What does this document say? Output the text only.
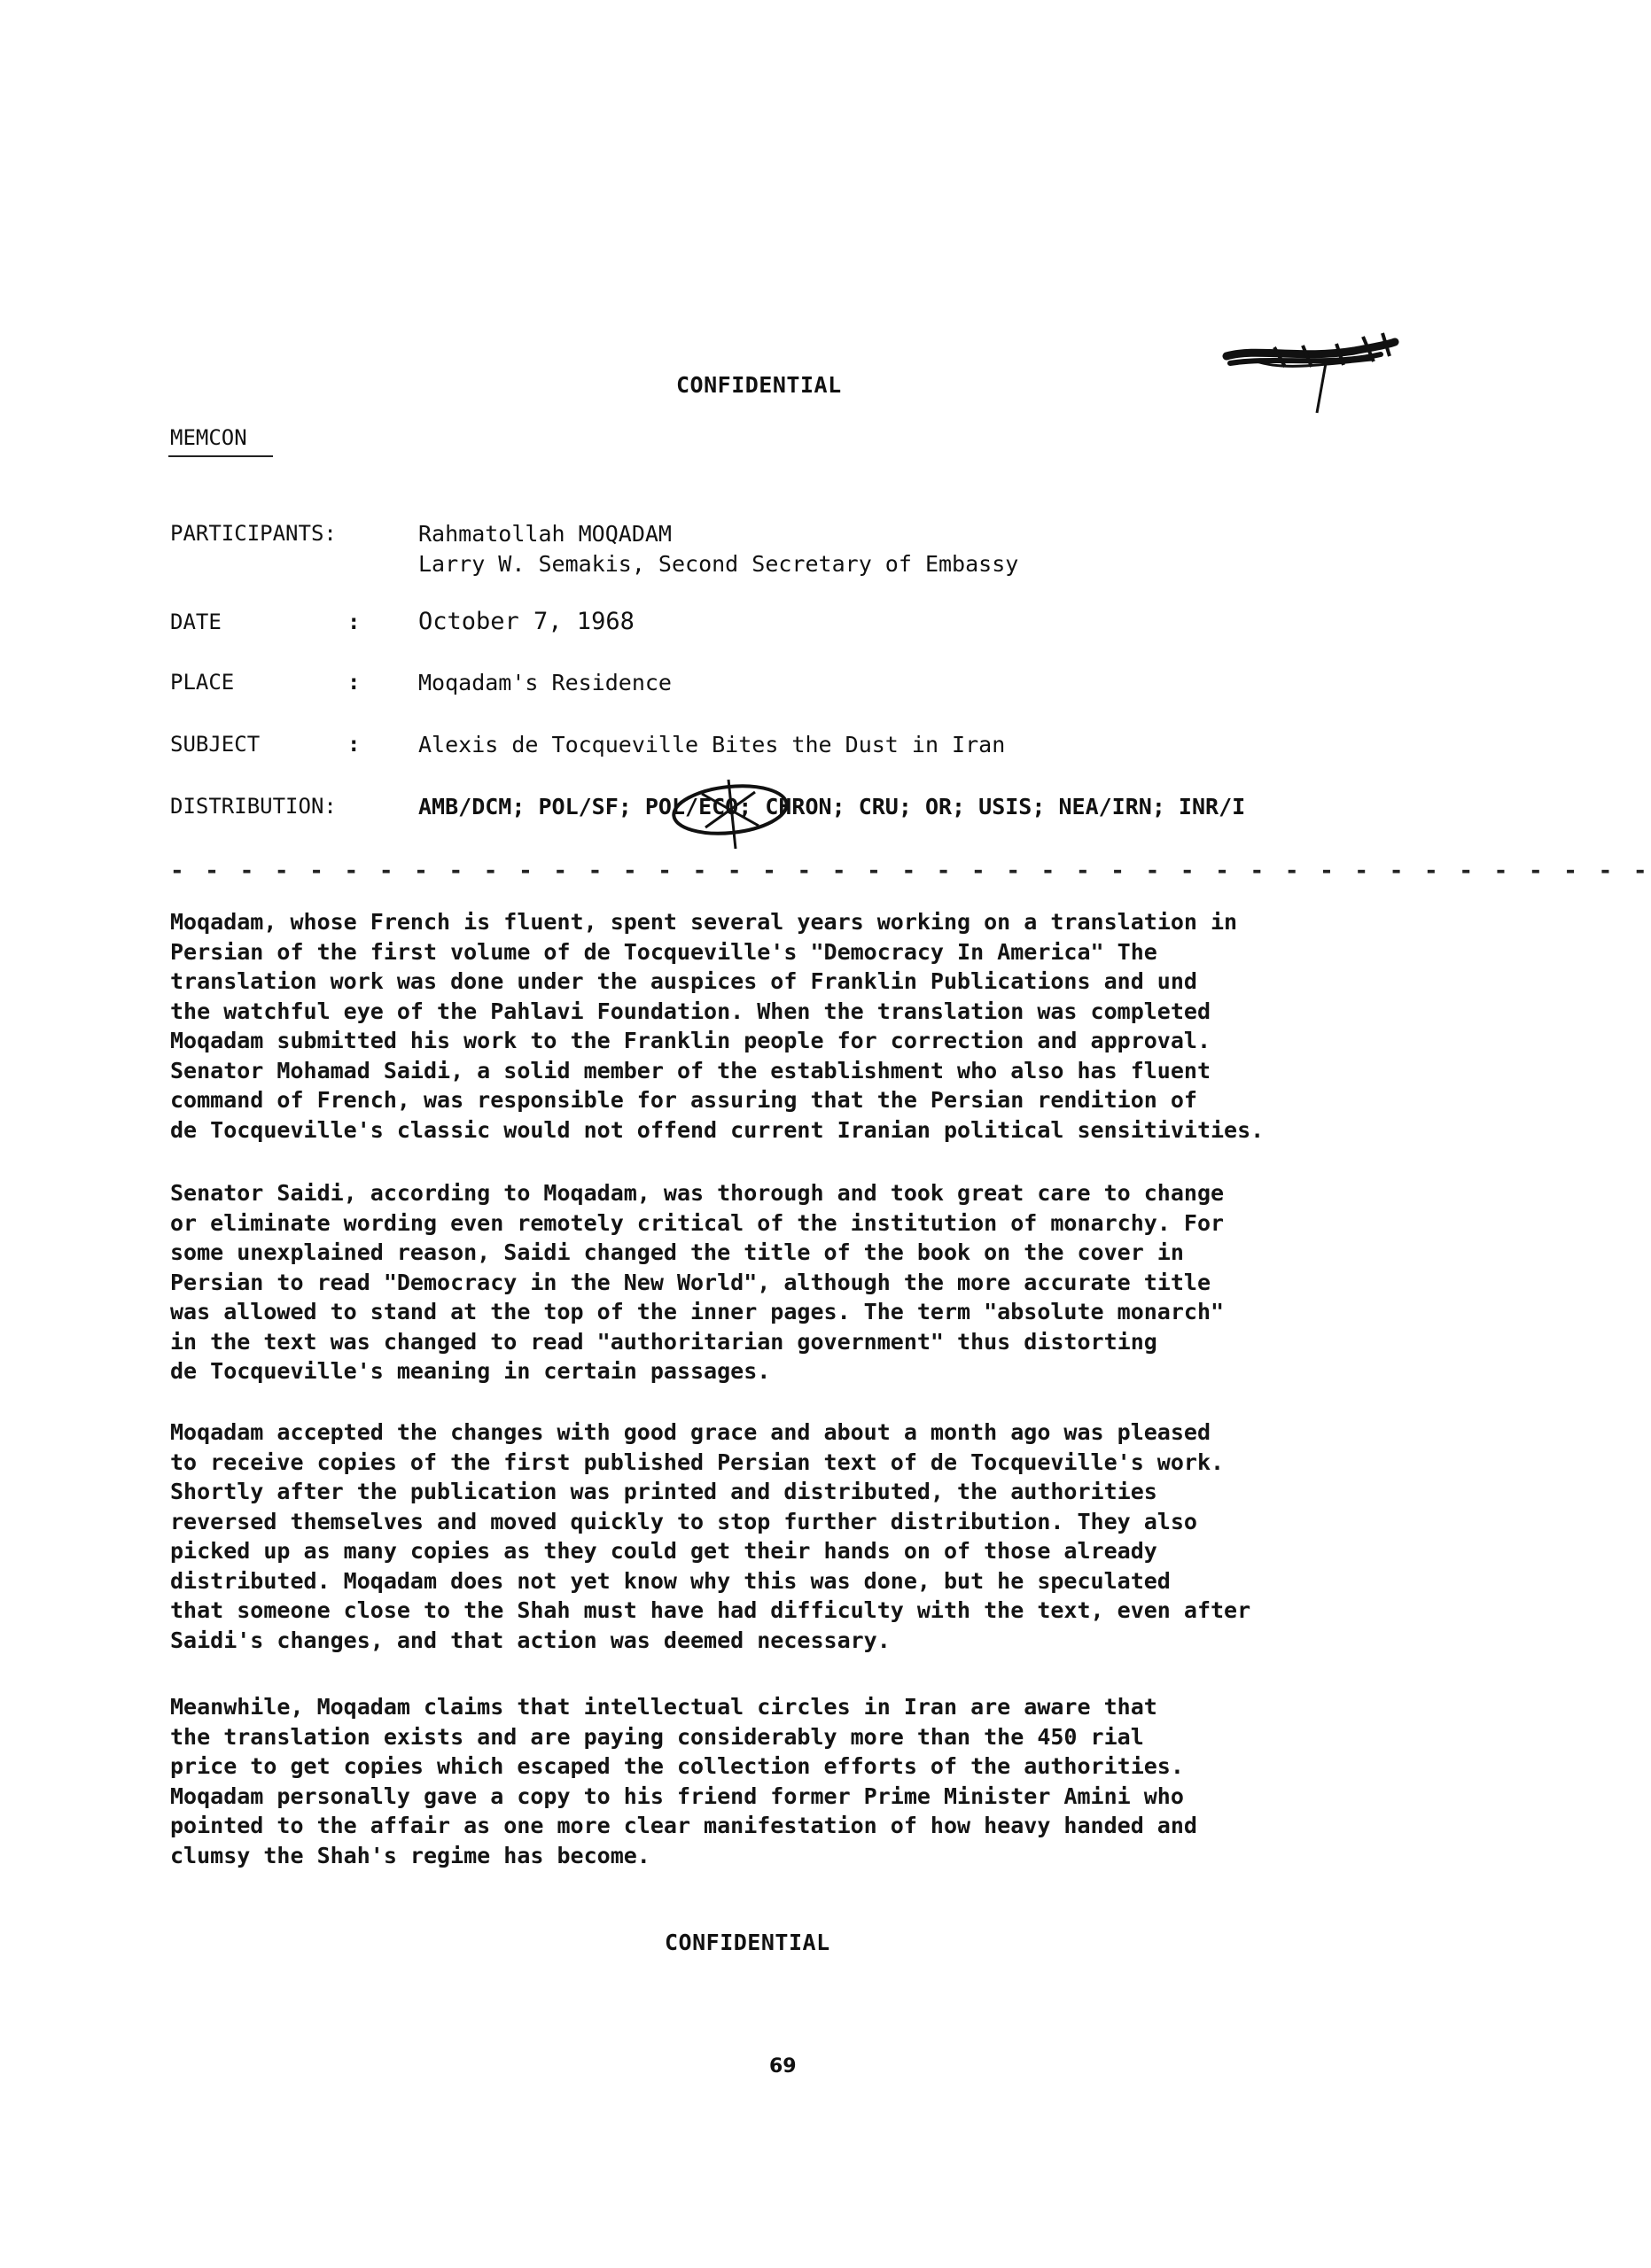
CONFIDENTIAL
MEMCON
PARTICIPANTS:	Rahmatollah MOQADAM
Larry W. Semakis, Second Secretary of Embassy
DATE	: October 7, 1968
PLACE	:	Moqadam's Residence
SUBJECT	:	Alexis de Tocqueville Bites the Dust in Iran
DISTRIBUTION:	AMB/DCM; POL/SF; POL/ECO; CHRON; CRU; OR; USIS; NEA/IRN; INR/I
- - - - - - - - - - - - - - - - - - - - - - - - - - - - - - - - - - - - - - - - - - -

Moqadam, whose French is fluent, spent several years working on a translation in
Persian of the first volume of de Tocqueville's "Democracy In America" The
translation work was done under the auspices of Franklin Publications and und
the watchful eye of the Pahlavi Foundation. When the translation was completed
Moqadam submitted his work to the Franklin people for correction and approval.
Senator Mohamad Saidi, a solid member of the establishment who also has fluent
command of French, was responsible for assuring that the Persian rendition of
de Tocqueville's classic would not offend current Iranian political sensitivities.

Senator Saidi, according to Moqadam, was thorough and took great care to change
or eliminate wording even remotely critical of the institution of monarchy. For
some unexplained reason, Saidi changed the title of the book on the cover in
Persian to read "Democracy in the New World", although the more accurate title
was allowed to stand at the top of the inner pages. The term "absolute monarch"
in the text was changed to read "authoritarian government" thus distorting
de Tocqueville's meaning in certain passages.

Moqadam accepted the changes with good grace and about a month ago was pleased
to receive copies of the first published Persian text of de Tocqueville's work.
Shortly after the publication was printed and distributed, the authorities
reversed themselves and moved quickly to stop further distribution. They also
picked up as many copies as they could get their hands on of those already
distributed. Moqadam does not yet know why this was done, but he speculated
that someone close to the Shah must have had difficulty with the text, even after
Saidi's changes, and that action was deemed necessary.

Meanwhile, Moqadam claims that intellectual circles in Iran are aware that
the translation exists and are paying considerably more than the 450 rial
price to get copies which escaped the collection efforts of the authorities.
Moqadam personally gave a copy to his friend former Prime Minister Amini who
pointed to the affair as one more clear manifestation of how heavy handed and
clumsy the Shah's regime has become.

CONFIDENTIAL
69
